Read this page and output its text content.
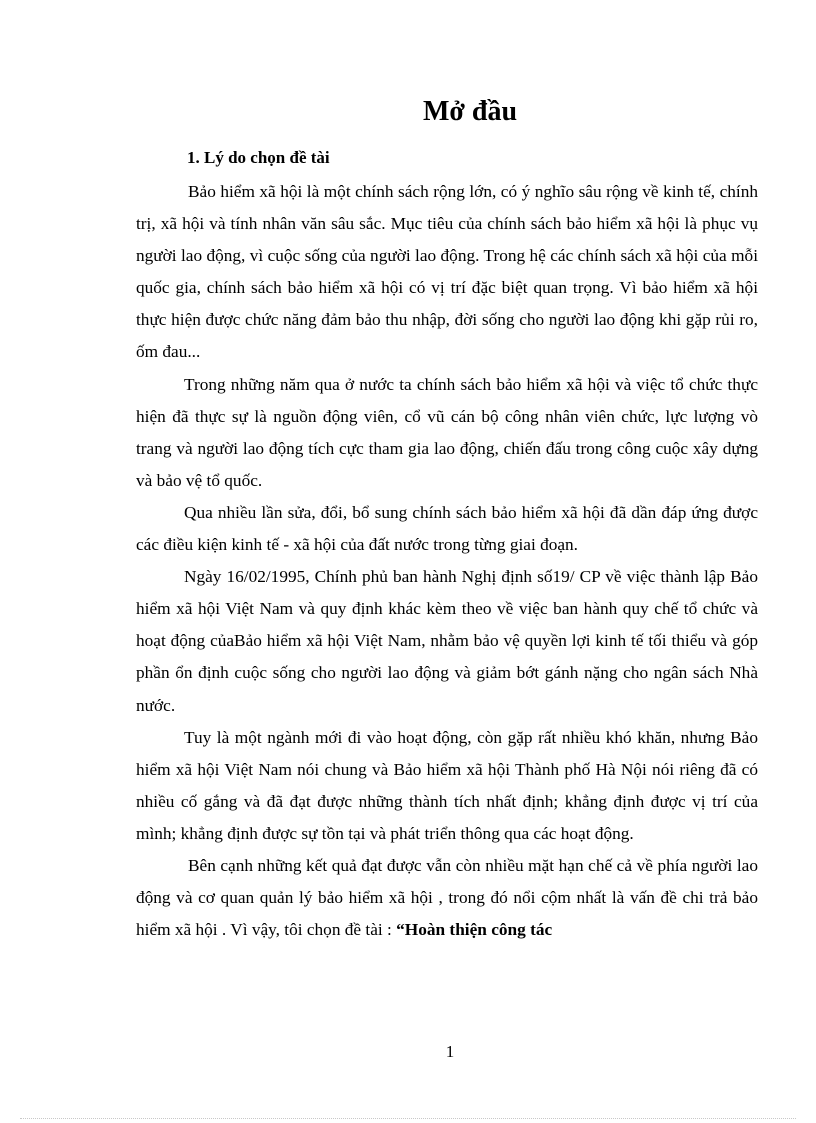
Mở đầu
1. Lý do chọn đề tài

Bảo hiểm xã hội là một chính sách rộng lớn, có ý nghĩo sâu rộng về kinh tế, chính trị, xã hội và tính nhân văn sâu sắc. Mục tiêu của chính sách bảo hiểm xã hội là phục vụ người lao động, vì cuộc sống của người lao động. Trong hệ các chính sách xã hội của mỗi quốc gia, chính sách bảo hiểm xã hội có vị trí đặc biệt quan trọng. Vì bảo hiểm xã hội thực hiện được chức năng đảm bảo thu nhập, đời sống cho người lao động khi gặp rủi ro, ốm đau...

Trong những năm qua ở nước ta chính sách bảo hiểm xã hội và việc tổ chức thực hiện đã thực sự là nguồn động viên, cổ vũ cán bộ công nhân viên chức, lực lượng vò trang và người lao động tích cực tham gia lao động, chiến đấu trong công cuộc xây dựng và bảo vệ tổ quốc.

Qua nhiều lần sửa, đổi, bổ sung chính sách bảo hiểm xã hội đã dần đáp ứng được các điều kiện kinh tế - xã hội của đất nước trong từng giai đoạn.

Ngày 16/02/1995, Chính phủ ban hành Nghị định số19/ CP về việc thành lập Bảo hiểm xã hội Việt Nam và quy định khác kèm theo về việc ban hành quy chế tổ chức và hoạt động củaBảo hiểm xã hội Việt Nam, nhằm bảo vệ quyền lợi kinh tế tối thiểu và góp phần ổn định cuộc sống cho người lao động và giảm bớt gánh nặng cho ngân sách Nhà nước.

Tuy là một ngành mới đi vào hoạt động, còn gặp rất nhiều khó khăn, nhưng Bảo hiểm xã hội Việt Nam nói chung và Bảo hiểm xã hội Thành phố Hà Nội nói riêng đã có nhiều cố gắng và đã đạt được những thành tích nhất định; khẳng định được vị trí của mình; khẳng định được sự tồn tại và phát triển thông qua các hoạt động.

Bên cạnh những kết quả đạt được vẫn còn nhiều mặt hạn chế cả về phía người lao động và cơ quan quản lý bảo hiểm xã hội , trong đó nổi cộm nhất là vấn đề chi trả bảo hiểm xã hội . Vì vậy, tôi chọn đề tài : “Hoàn thiện công tác

1
